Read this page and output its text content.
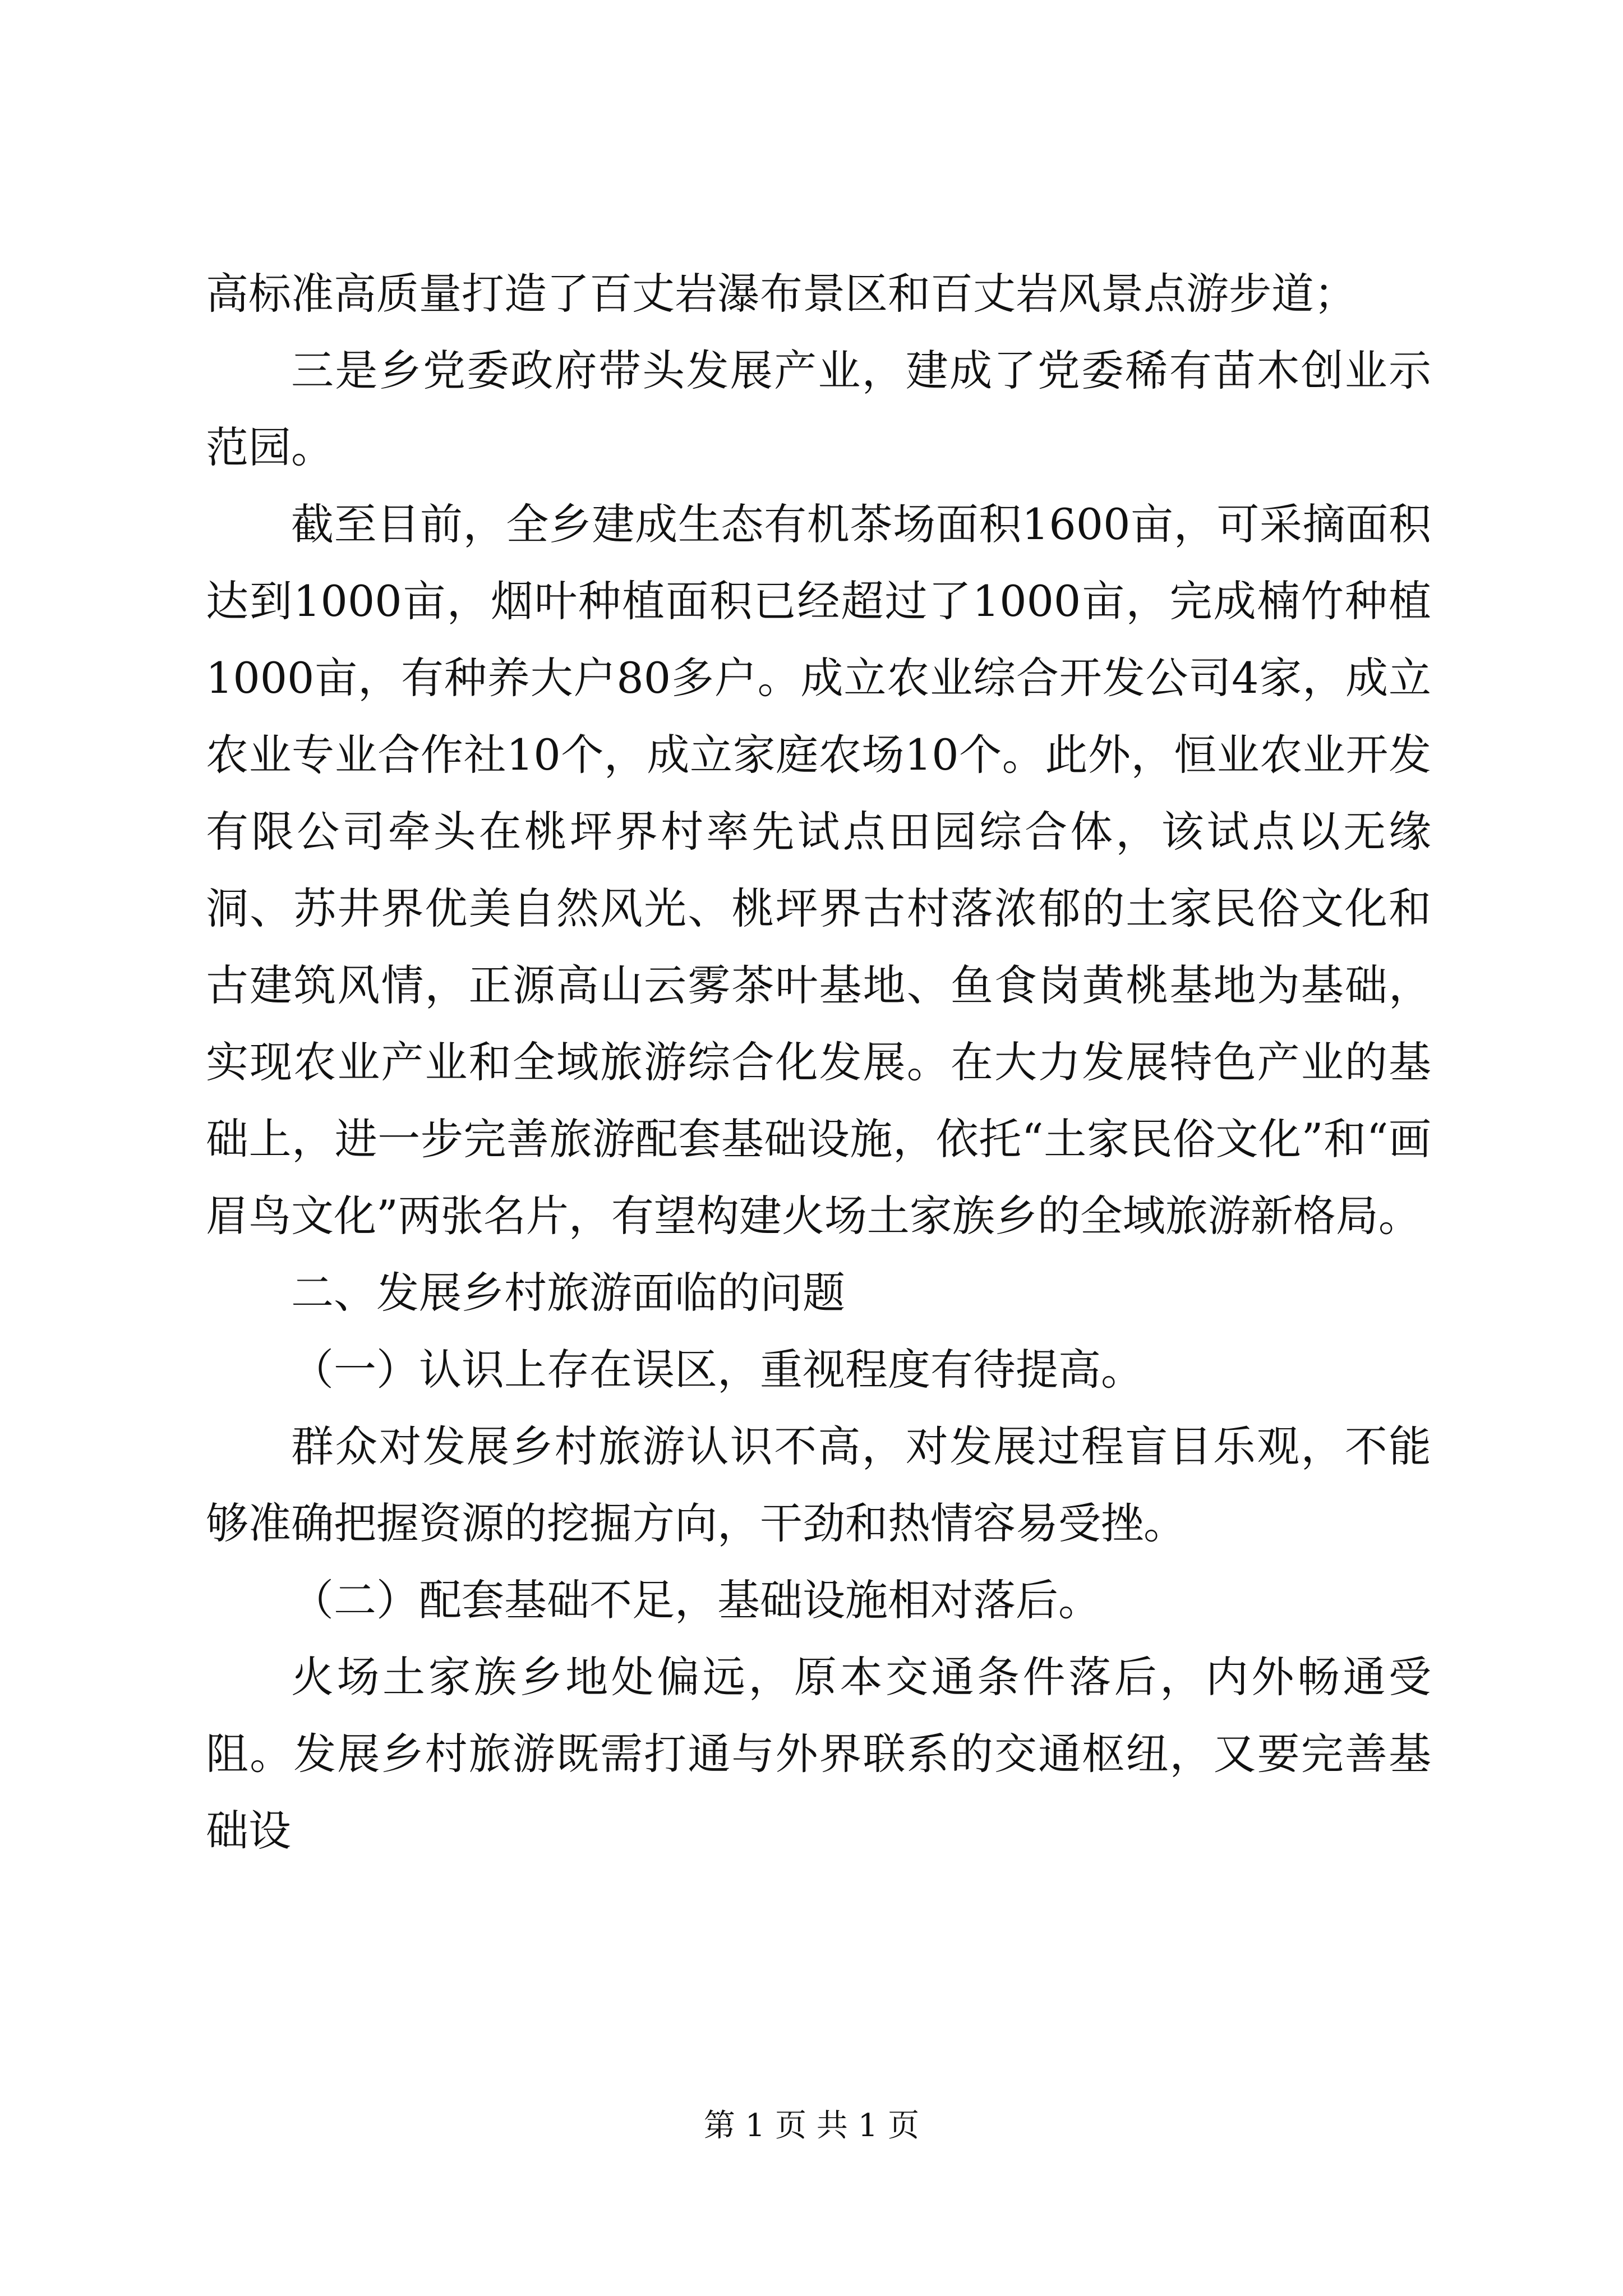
高标准高质量打造了百丈岩瀑布景区和百丈岩风景点游步道；

三是乡党委政府带头发展产业，建成了党委稀有苗木创业示范园。

截至目前，全乡建成生态有机茶场面积1600亩，可采摘面积达到1000亩，烟叶种植面积已经超过了1000亩，完成楠竹种植1000亩，有种养大户80多户。成立农业综合开发公司4家，成立农业专业合作社10个，成立家庭农场10个。此外，恒业农业开发有限公司牵头在桃坪界村率先试点田园综合体，该试点以无缘洞、苏井界优美自然风光、桃坪界古村落浓郁的土家民俗文化和古建筑风情，正源高山云雾茶叶基地、鱼食岗黄桃基地为基础，实现农业产业和全域旅游综合化发展。在大力发展特色产业的基础上，进一步完善旅游配套基础设施，依托“土家民俗文化”和“画眉鸟文化”两张名片，有望构建火场土家族乡的全域旅游新格局。

二、发展乡村旅游面临的问题

（一）认识上存在误区，重视程度有待提高。

群众对发展乡村旅游认识不高，对发展过程盲目乐观，不能够准确把握资源的挖掘方向，干劲和热情容易受挫。

（二）配套基础不足，基础设施相对落后。

火场土家族乡地处偏远，原本交通条件落后，内外畅通受阻。发展乡村旅游既需打通与外界联系的交通枢纽，又要完善基础设

第 1 页 共 1 页
